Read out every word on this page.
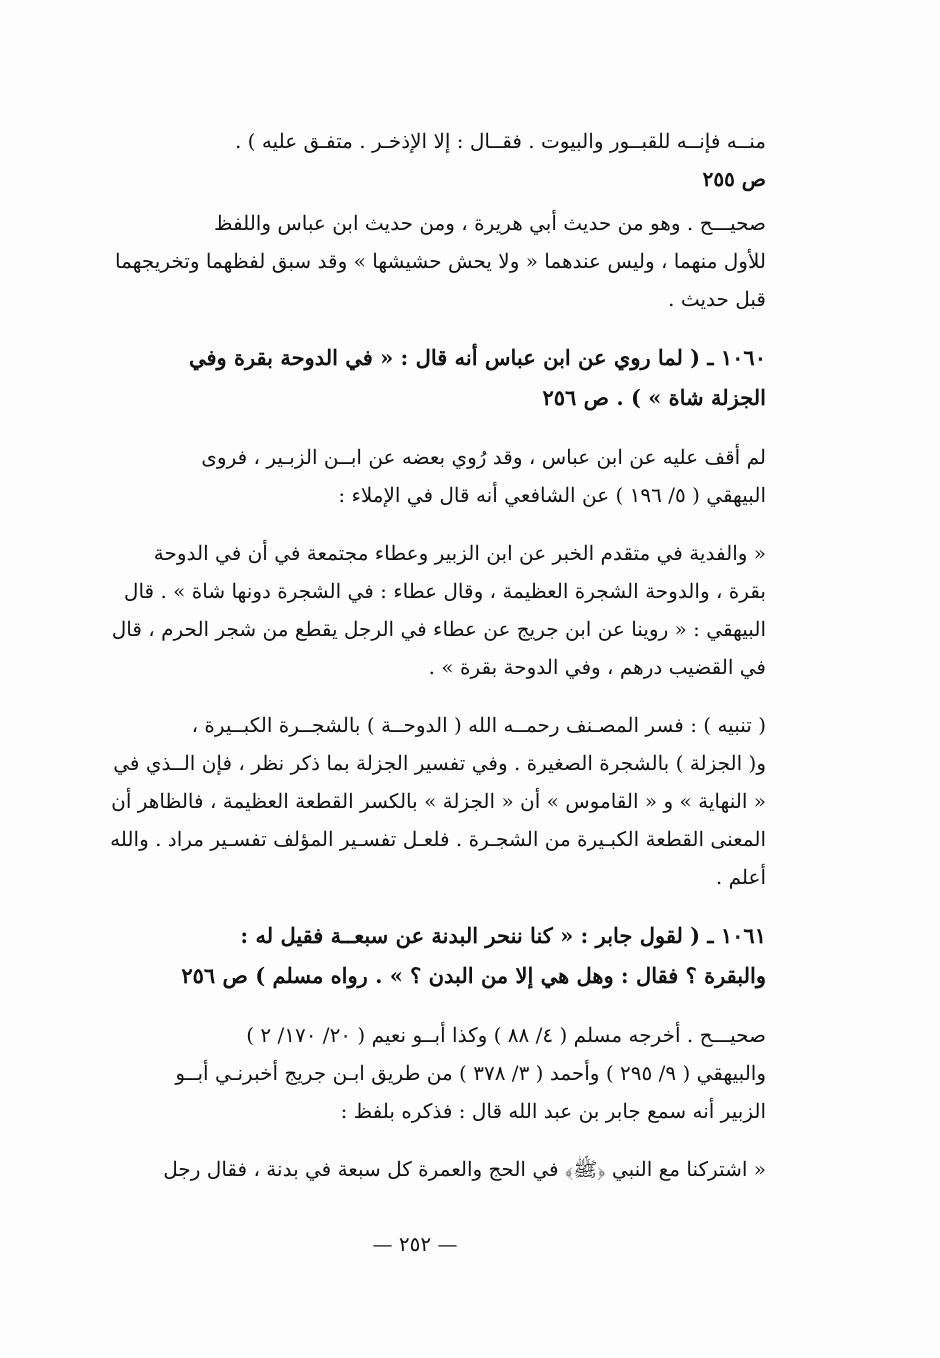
منــه فإنــه للقبــور والبيوت . فقــال : إلا الإذخـر . متفـق عليه ) .
ص ٢٥٥
صحيـــح . وهو من حديث أبي هريرة ، ومن حديث ابن عباس واللفظ
للأول منهما ، وليس عندهما « ولا يحش حشيشها » وقد سبق لفظهما وتخريجهما
قبل حديث .
١٠٦٠ ـ ( لما روي عن ابن عباس أنه قال : « في الدوحة بقرة وفي
الجزلة شاة » ) . ص ٢٥٦
لم أقف عليه عن ابن عباس ، وقد رُوي بعضه عن ابــن الزبـير ، فروى
البيهقي ( ٥/ ١٩٦ ) عن الشافعي أنه قال في الإملاء :
« والفدية في متقدم الخبر عن ابن الزبير وعطاء مجتمعة في أن في الدوحة
بقرة ، والدوحة الشجرة العظيمة ، وقال عطاء : في الشجرة دونها شاة » . قال
البيهقي : « روينا عن ابن جريج عن عطاء في الرجل يقطع من شجر الحرم ، قال
في القضيب درهم ، وفي الدوحة بقرة » .
( تنبيه ) : فسر المصـنف رحمــه الله ( الدوحــة ) بالشجــرة الكبــيرة ،
و( الجزلة ) بالشجرة الصغيرة . وفي تفسير الجزلة بما ذكر نظر ، فإن الــذي في
« النهاية » و « القاموس » أن « الجزلة » بالكسر القطعة العظيمة ، فالظاهر أن
المعنى القطعة الكبـيرة من الشجـرة . فلعـل تفسـير المؤلف تفسـير مراد . والله
أعلم .
١٠٦١ ـ ( لقول جابر : « كنا ننحر البدنة عن سبعــة فقيل له :
والبقرة ؟ فقال : وهل هي إلا من البدن ؟ » . رواه مسلم ) ص ٢٥٦
صحيـــح . أخرجه مسلم ( ٤/ ٨٨ ) وكذا أبــو نعيم ( ٢٠/ ١٧٠/ ٢ )
والبيهقي ( ٩/ ٢٩٥ ) وأحمد ( ٣/ ٣٧٨ ) من طريق ابـن جريج أخبرنـي أبــو
الزبير أنه سمع جابر بن عبد الله قال : فذكره بلفظ :
« اشتركنا مع النبي ﴿ﷺ﴾ في الحج والعمرة كل سبعة في بدنة ، فقال رجل
— ٢٥٢ —
